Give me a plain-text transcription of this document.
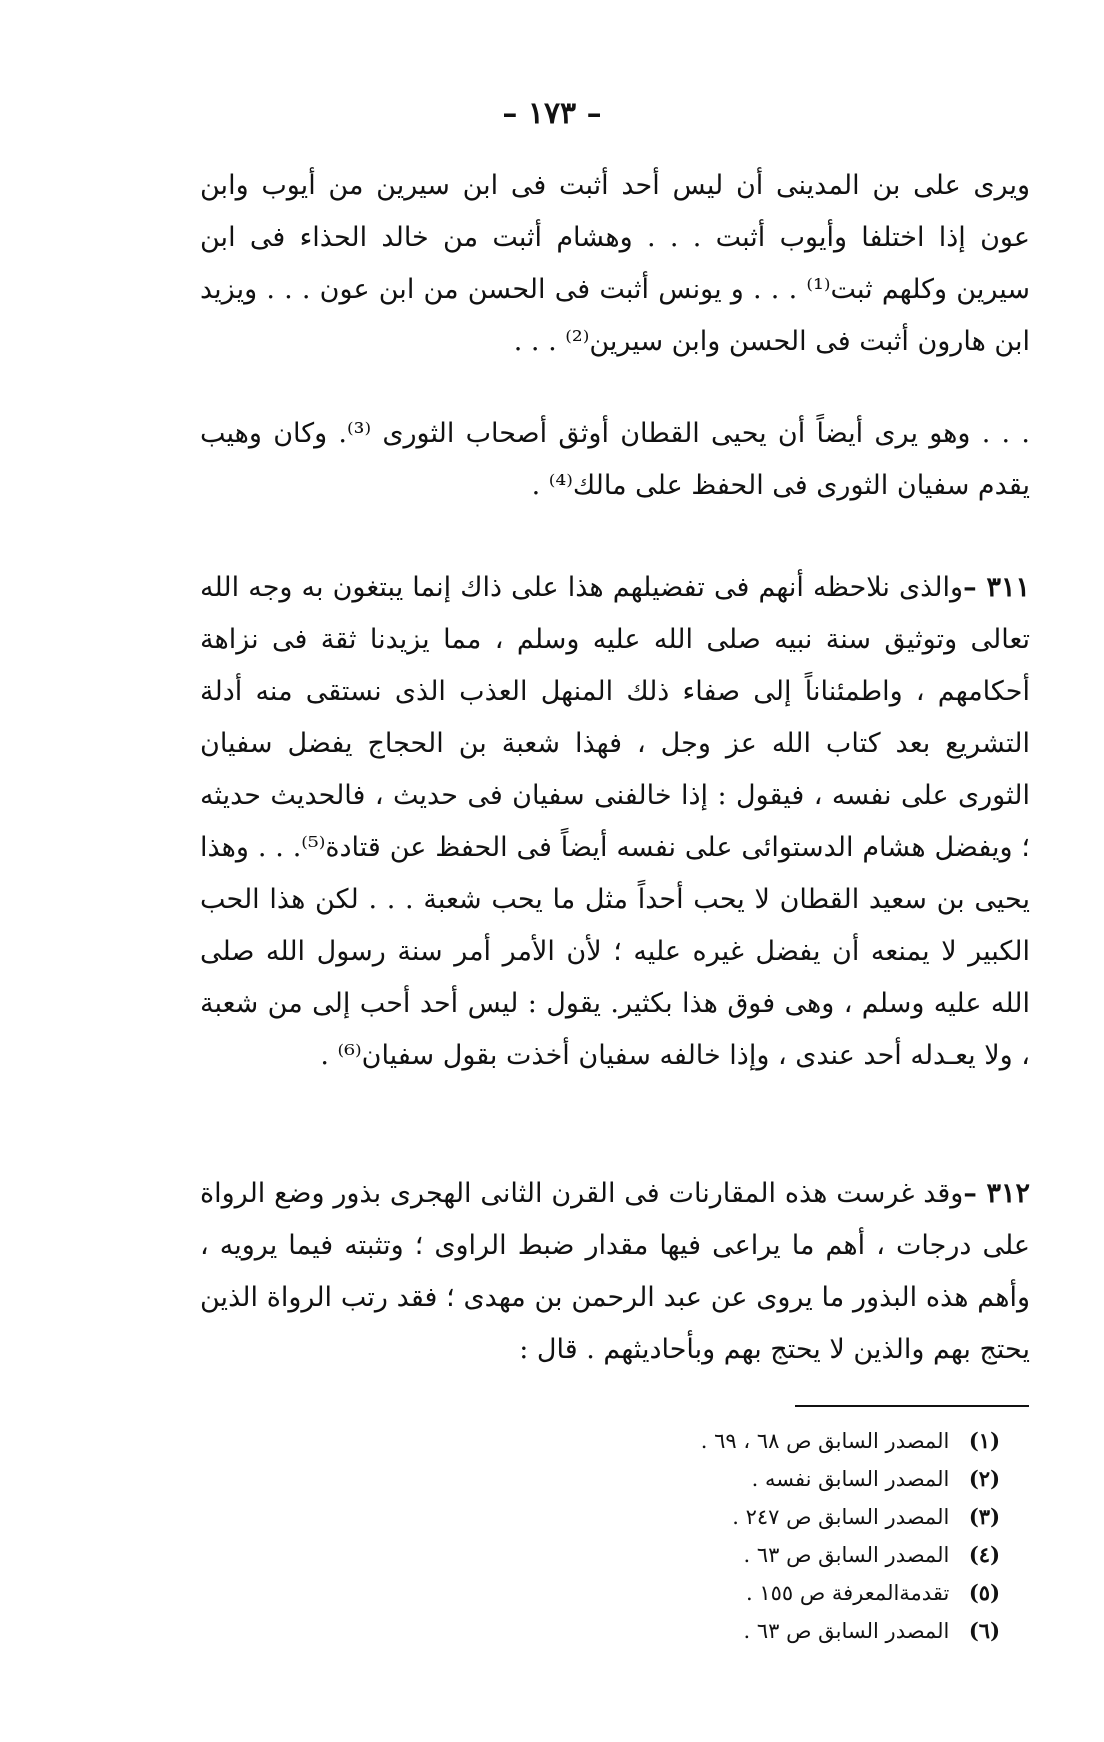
– ١٧٣ –

ويرى على بن المدينى أن ليس أحد أثبت فى ابن سيرين من أيوب وابن عون إذا اختلفا وأيوب أثبت . . . وهشام أثبت من خالد الحذاء فى ابن سيرين وكلهم ثبت⁽¹⁾ . . . و يونس أثبت فى الحسن من ابن عون . . . ويزيد ابن هارون أثبت فى الحسن وابن سيرين⁽²⁾ . . .

. . . وهو يرى أيضاً أن يحيى القطان أوثق أصحاب الثورى ⁽³⁾. وكان وهيب يقدم سفيان الثورى فى الحفظ على مالك⁽⁴⁾ .

٣١١ –والذى نلاحظه أنهم فى تفضيلهم هذا على ذاك إنما يبتغون به وجه الله تعالى وتوثيق سنة نبيه صلى الله عليه وسلم ، مما يزيدنا ثقة فى نزاهة أحكامهم ، واطمئناناً إلى صفاء ذلك المنهل العذب الذى نستقى منه أدلة التشريع بعد كتاب الله عز وجل ، فهذا شعبة بن الحجاج يفضل سفيان الثورى على نفسه ، فيقول : إذا خالفنى سفيان فى حديث ، فالحديث حديثه ؛ ويفضل هشام الدستوائى على نفسه أيضاً فى الحفظ عن قتادة⁽⁵⁾. . . وهذا يحيى بن سعيد القطان لا يحب أحداً مثل ما يحب شعبة . . . لكن هذا الحب الكبير لا يمنعه أن يفضل غيره عليه ؛ لأن الأمر أمر سنة رسول الله صلى الله عليه وسلم ، وهى فوق هذا بكثير. يقول : ليس أحد أحب إلى من شعبة ، ولا يعـدله أحد عندى ، وإذا خالفه سفيان أخذت بقول سفيان⁽⁶⁾ .

٣١٢ –وقد غرست هذه المقارنات فى القرن الثانى الهجرى بذور وضع الرواة على درجات ، أهم ما يراعى فيها مقدار ضبط الراوى ؛ وتثبته فيما يرويه ، وأهم هذه البذور ما يروى عن عبد الرحمن بن مهدى ؛ فقد رتب الرواة الذين يحتج بهم والذين لا يحتج بهم وبأحاديثهم . قال :

(١) المصدر السابق ص ٦٨ ، ٦٩ .
(٢) المصدر السابق نفسه .
(٣) المصدر السابق ص ٢٤٧ .
(٤) المصدر السابق ص ٦٣ .
(٥) تقدمةالمعرفة ص ١٥٥ .
(٦) المصدر السابق ص ٦٣ .
